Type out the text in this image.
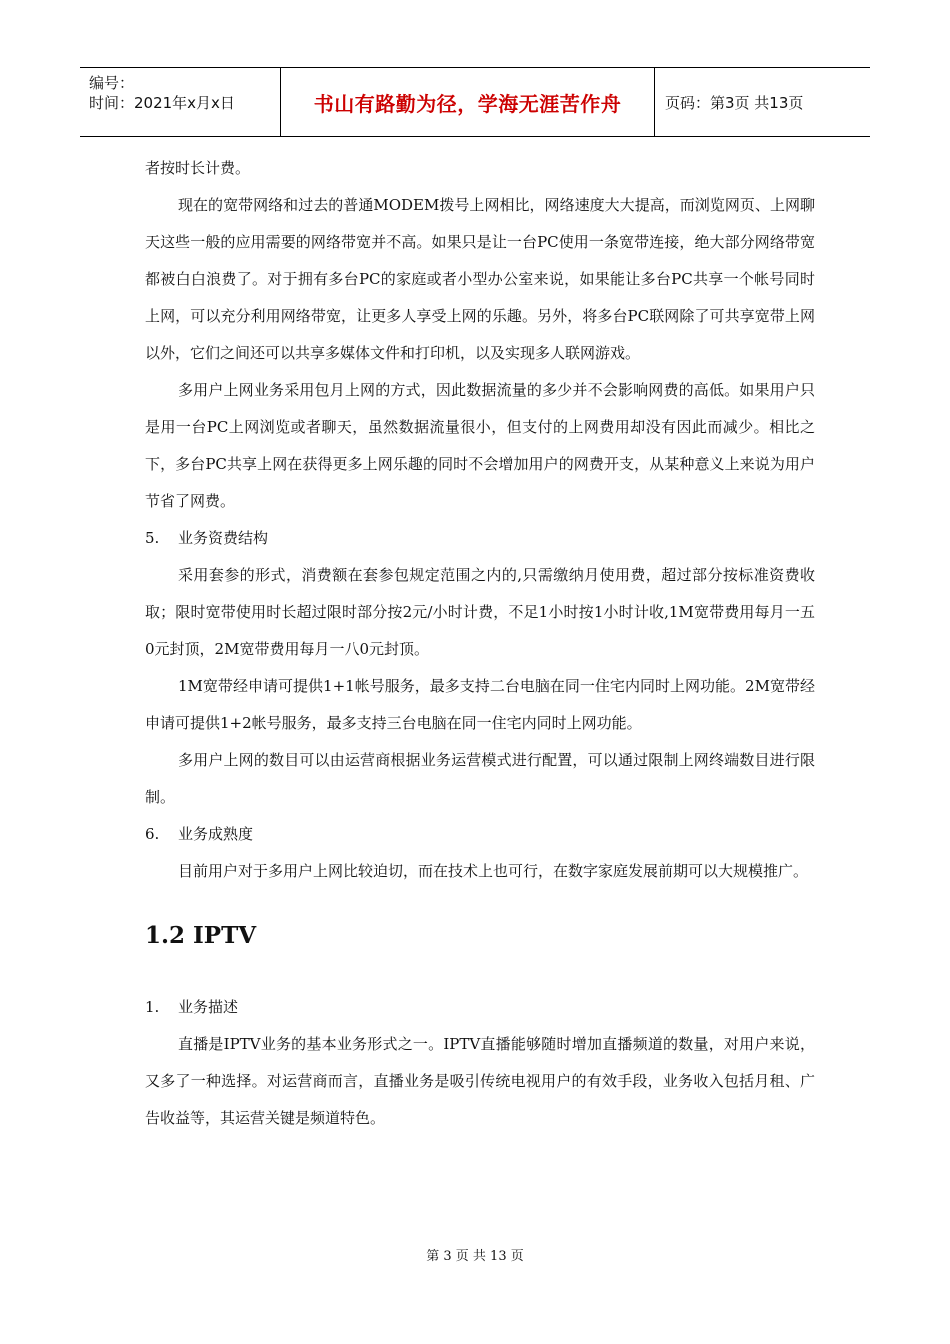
编号：
时间：2021年x月x日	书山有路勤为径，学海无涯苦作舟	页码：第3页 共13页

者按时长计费。

现在的宽带网络和过去的普通MODEM拨号上网相比，网络速度大大提高，而浏览网页、上网聊天这些一般的应用需要的网络带宽并不高。如果只是让一台PC使用一条宽带连接，绝大部分网络带宽都被白白浪费了。对于拥有多台PC的家庭或者小型办公室来说，如果能让多台PC共享一个帐号同时上网，可以充分利用网络带宽，让更多人享受上网的乐趣。另外，将多台PC联网除了可共享宽带上网以外，它们之间还可以共享多媒体文件和打印机，以及实现多人联网游戏。

多用户上网业务采用包月上网的方式，因此数据流量的多少并不会影响网费的高低。如果用户只是用一台PC上网浏览或者聊天，虽然数据流量很小，但支付的上网费用却没有因此而减少。相比之下，多台PC共享上网在获得更多上网乐趣的同时不会增加用户的网费开支，从某种意义上来说为用户节省了网费。

5. 业务资费结构

采用套参的形式，消费额在套参包规定范围之内的,只需缴纳月使用费，超过部分按标准资费收取；限时宽带使用时长超过限时部分按2元/小时计费，不足1小时按1小时计收,1M宽带费用每月一五0元封顶，2M宽带费用每月一八0元封顶。

1M宽带经申请可提供1+1帐号服务，最多支持二台电脑在同一住宅内同时上网功能。2M宽带经申请可提供1+2帐号服务，最多支持三台电脑在同一住宅内同时上网功能。

多用户上网的数目可以由运营商根据业务运营模式进行配置，可以通过限制上网终端数目进行限制。

6. 业务成熟度

目前用户对于多用户上网比较迫切，而在技术上也可行，在数字家庭发展前期可以大规模推广。

1.2 IPTV
1. 业务描述

直播是IPTV业务的基本业务形式之一。IPTV直播能够随时增加直播频道的数量，对用户来说，又多了一种选择。对运营商而言，直播业务是吸引传统电视用户的有效手段，业务收入包括月租、广告收益等，其运营关键是频道特色。

第 3 页 共 13 页
